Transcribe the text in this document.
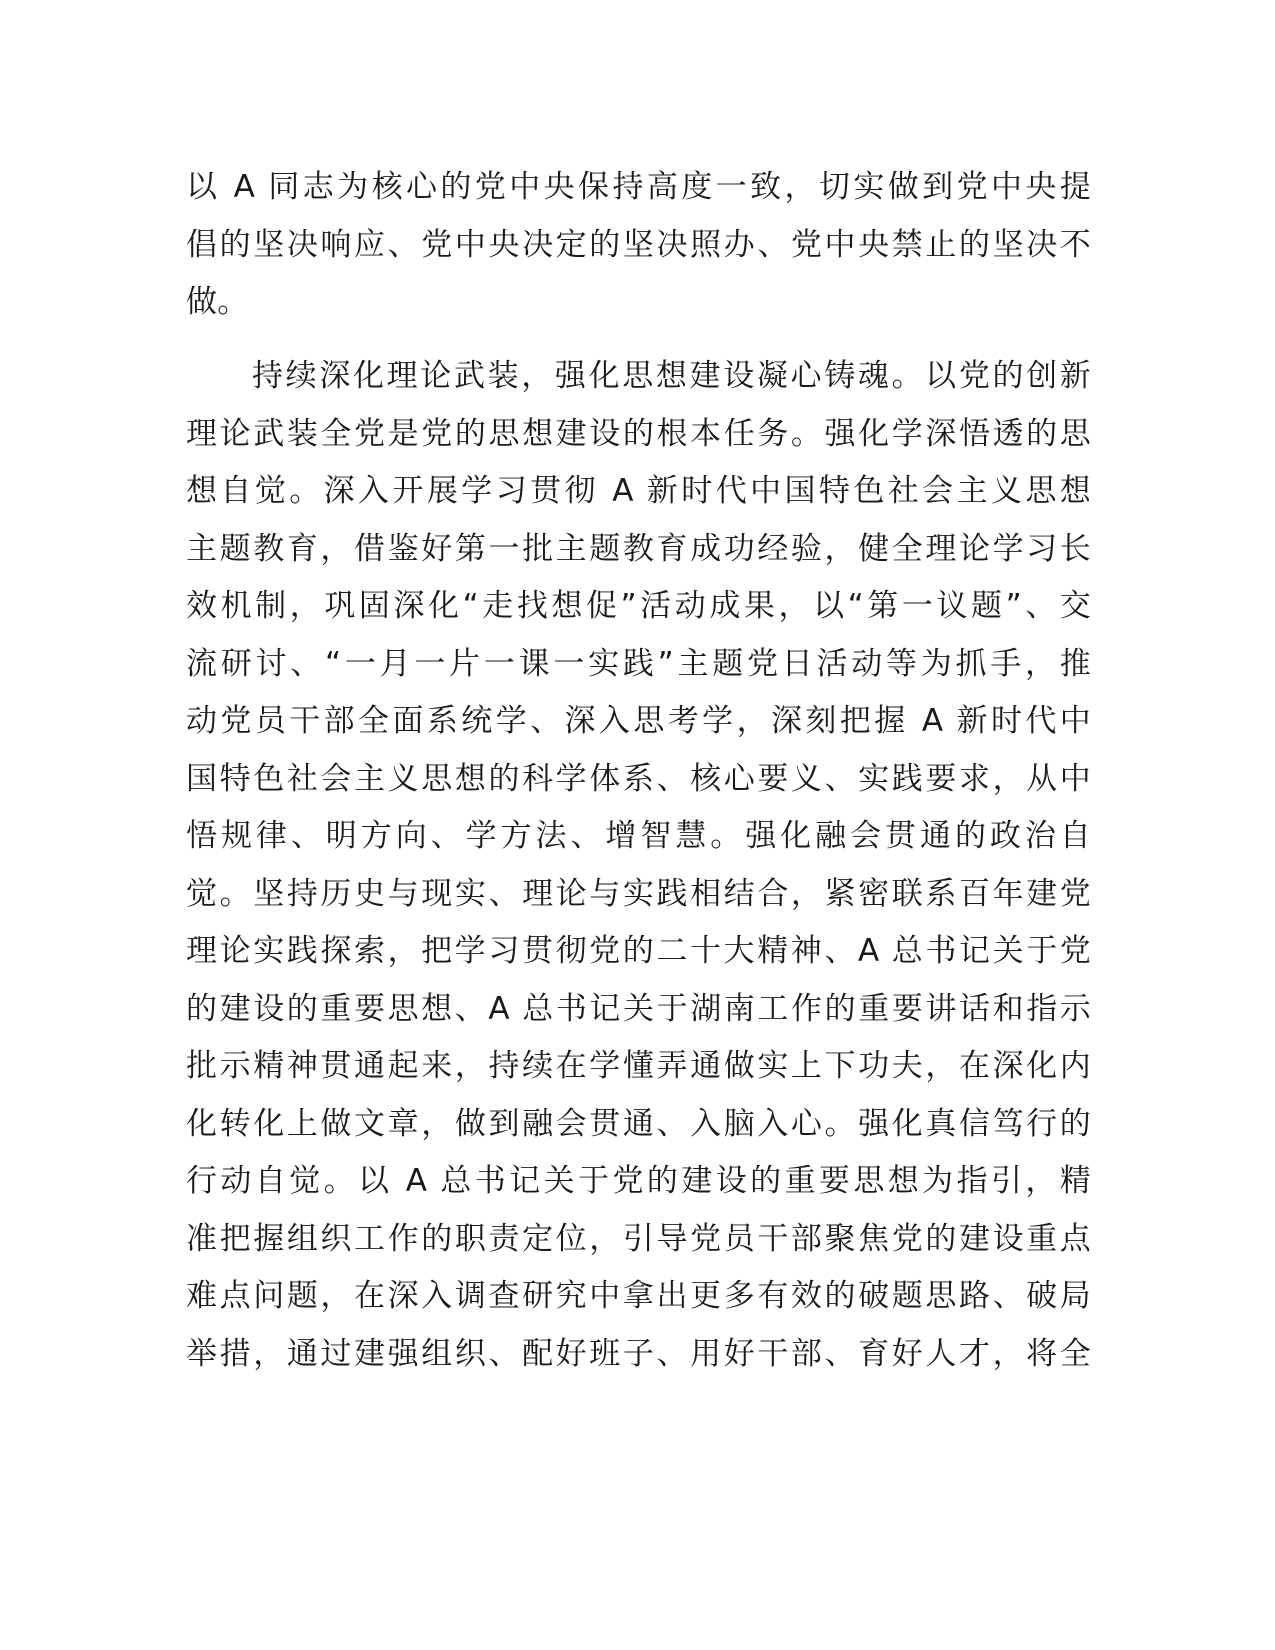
以 A 同志为核心的党中央保持高度一致，切实做到党中央提
倡的坚决响应、党中央决定的坚决照办、党中央禁止的坚决不
做。
持续深化理论武装，强化思想建设凝心铸魂。以党的创新
理论武装全党是党的思想建设的根本任务。强化学深悟透的思
想自觉。深入开展学习贯彻 A 新时代中国特色社会主义思想
主题教育，借鉴好第一批主题教育成功经验，健全理论学习长
效机制，巩固深化“走找想促”活动成果，以“第一议题”、交
流研讨、“一月一片一课一实践”主题党日活动等为抓手，推
动党员干部全面系统学、深入思考学，深刻把握 A 新时代中
国特色社会主义思想的科学体系、核心要义、实践要求，从中
悟规律、明方向、学方法、增智慧。强化融会贯通的政治自
觉。坚持历史与现实、理论与实践相结合，紧密联系百年建党
理论实践探索，把学习贯彻党的二十大精神、A 总书记关于党
的建设的重要思想、A 总书记关于湖南工作的重要讲话和指示
批示精神贯通起来，持续在学懂弄通做实上下功夫，在深化内
化转化上做文章，做到融会贯通、入脑入心。强化真信笃行的
行动自觉。以 A 总书记关于党的建设的重要思想为指引，精
准把握组织工作的职责定位，引导党员干部聚焦党的建设重点
难点问题，在深入调查研究中拿出更多有效的破题思路、破局
举措，通过建强组织、配好班子、用好干部、育好人才，将全
